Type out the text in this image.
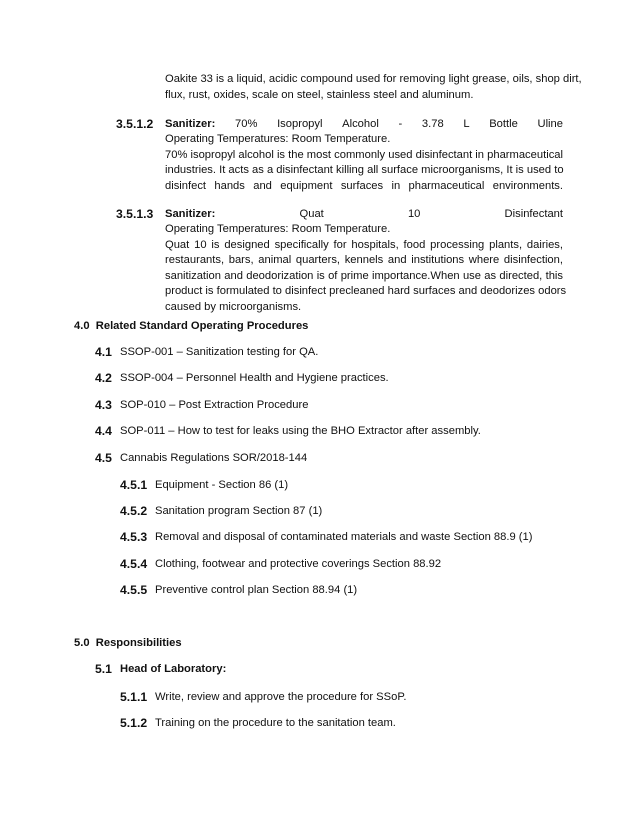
Oakite 33 is a liquid, acidic compound used for removing light grease, oils, shop dirt,
flux, rust, oxides, scale on steel, stainless steel and aluminum.
3.5.1.2 Sanitizer: 70% Isopropyl Alcohol - 3.78 L Bottle Uline
Operating Temperatures: Room Temperature.
70% isopropyl alcohol is the most commonly used disinfectant in pharmaceutical
industries. It acts as a disinfectant killing all surface microorganisms, It is used to
disinfect hands and equipment surfaces in pharmaceutical environments.
3.5.1.3 Sanitizer:	Quat	10	Disinfectant
Operating Temperatures: Room Temperature.
Quat 10 is designed specifically for hospitals, food processing plants, dairies,
restaurants, bars, animal quarters, kennels and institutions where disinfection,
sanitization and deodorization is of prime importance.When use as directed, this
product is formulated to disinfect precleaned hard surfaces and deodorizes odors
caused by microorganisms.
4.0  Related Standard Operating Procedures
4.1 SSOP-001 – Sanitization testing for QA.
4.2 SSOP-004 – Personnel Health and Hygiene practices.
4.3 SOP-010 – Post Extraction Procedure
4.4 SOP-011 – How to test for leaks using the BHO Extractor after assembly.
4.5 Cannabis Regulations SOR/2018-144
4.5.1 Equipment - Section 86 (1)
4.5.2 Sanitation program Section 87 (1)
4.5.3 Removal and disposal of contaminated materials and waste Section 88.9 (1)
4.5.4 Clothing, footwear and protective coverings Section 88.92
4.5.5 Preventive control plan Section 88.94 (1)
5.0  Responsibilities
5.1 Head of Laboratory:
5.1.1 Write, review and approve the procedure for SSoP.
5.1.2 Training on the procedure to the sanitation team.
